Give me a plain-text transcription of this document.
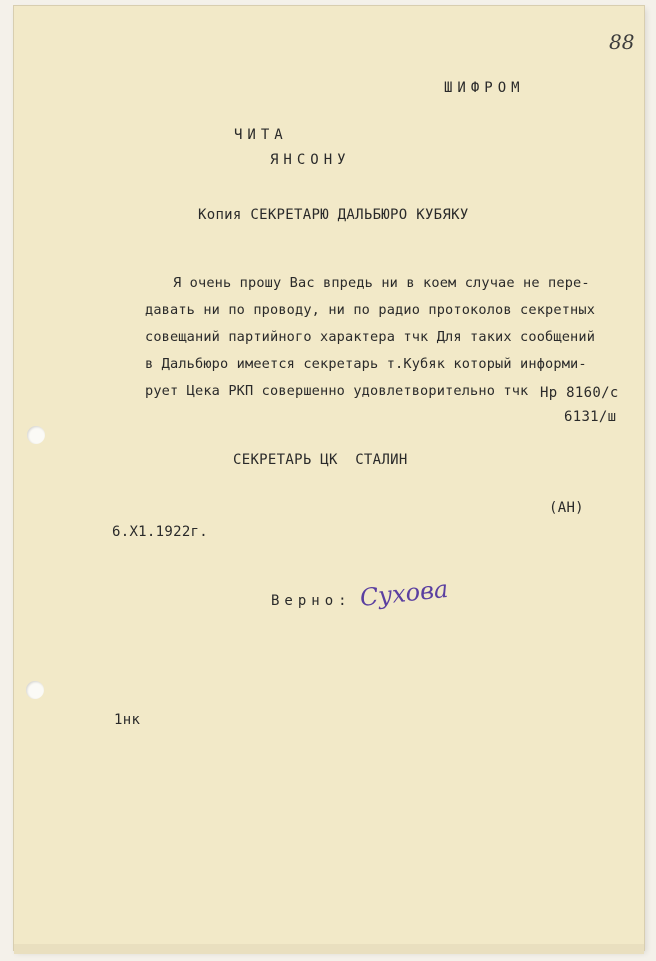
88
ШИФРОМ
ЧИТА
ЯНСОНУ
Копия СЕКРЕТАРЮ ДАЛЬБЮРО КУБЯКУ
Я очень прошу Вас впредь ни в коем случае не пере-
давать ни по проводу, ни по радио протоколов секретных
совещаний партийного характера тчк Для таких сообщений
в Дальбюро имеется секретарь т.Кубяк который информи-
рует Цека РКП совершенно удовлетворительно тчк Нр 8160/с
6131/ш
СЕКРЕТАРЬ ЦК  СТАЛИН
(АН)
6.Х1.1922г.
Верно: Сухова
1нк
